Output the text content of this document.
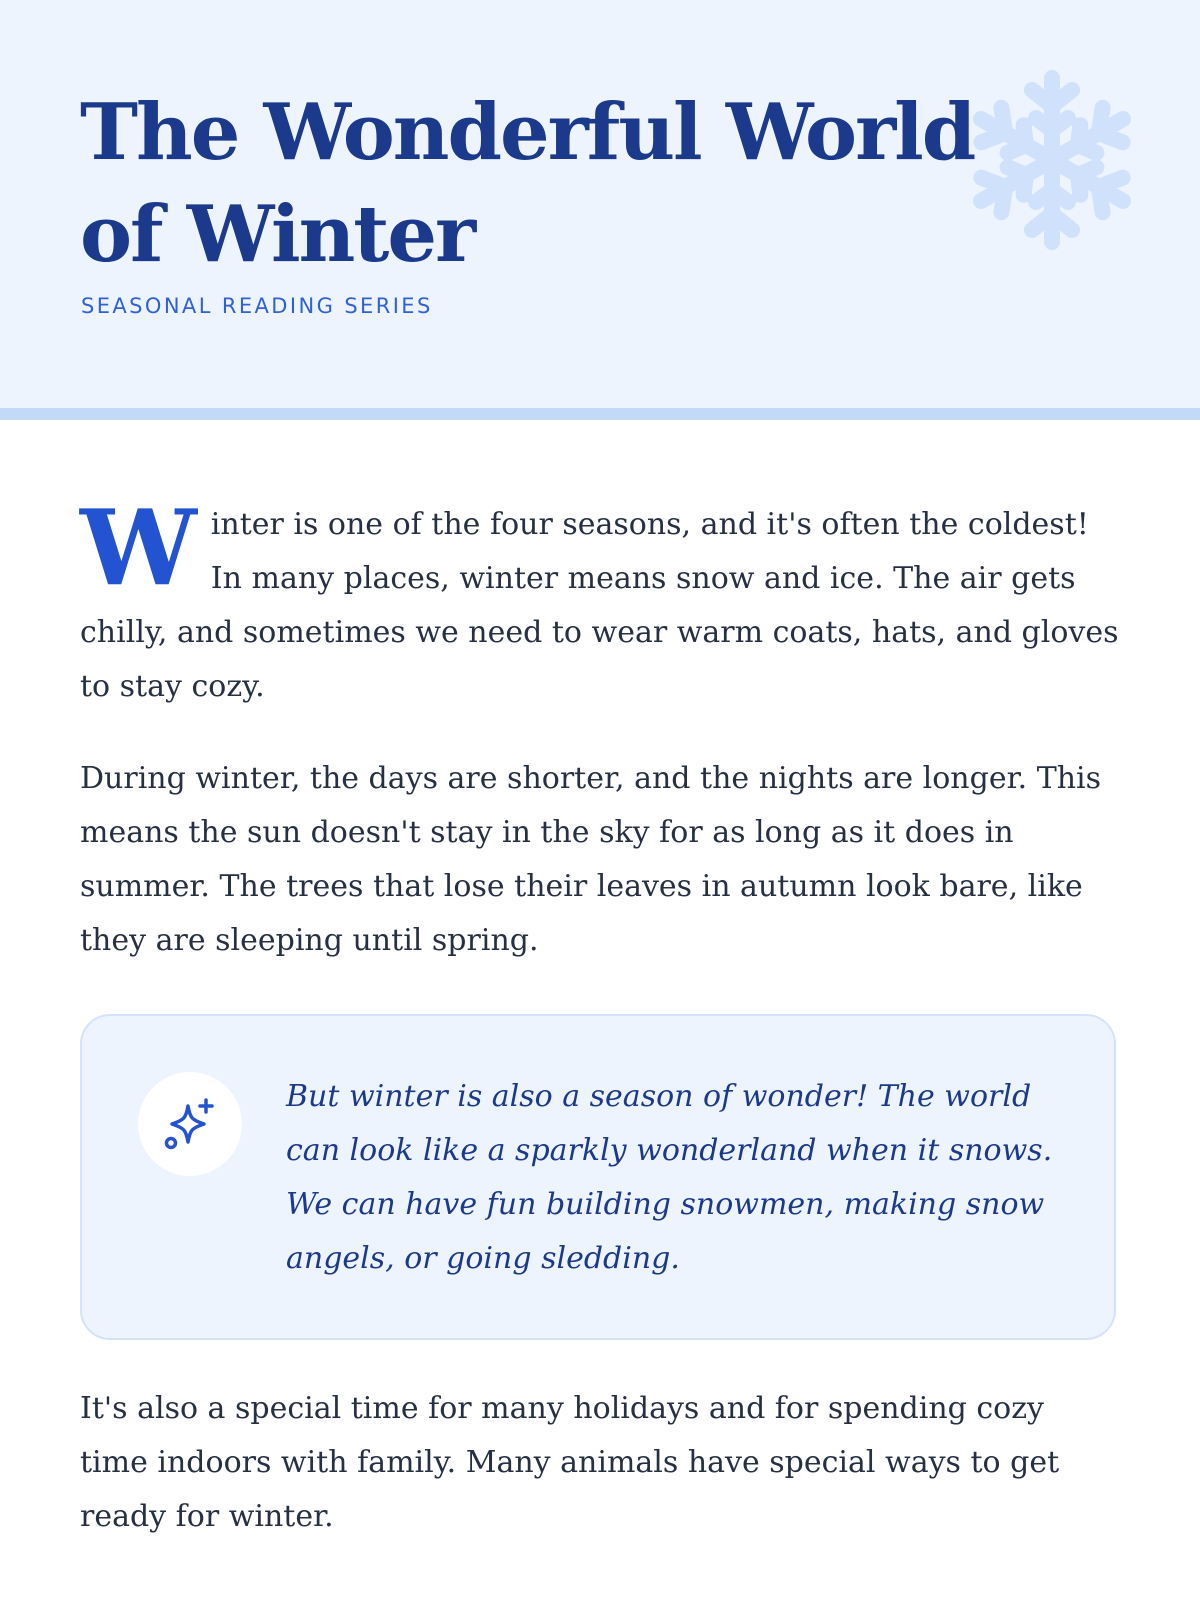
The Wonderful World of Winter

SEASONAL READING SERIES

Winter is one of the four seasons, and it's often the coldest! In many places, winter means snow and ice. The air gets chilly, and sometimes we need to wear warm coats, hats, and gloves to stay cozy.

During winter, the days are shorter, and the nights are longer. This means the sun doesn't stay in the sky for as long as it does in summer. The trees that lose their leaves in autumn look bare, like they are sleeping until spring.

But winter is also a season of wonder! The world can look like a sparkly wonderland when it snows. We can have fun building snowmen, making snow angels, or going sledding.

It's also a special time for many holidays and for spending cozy time indoors with family. Many animals have special ways to get ready for winter.
